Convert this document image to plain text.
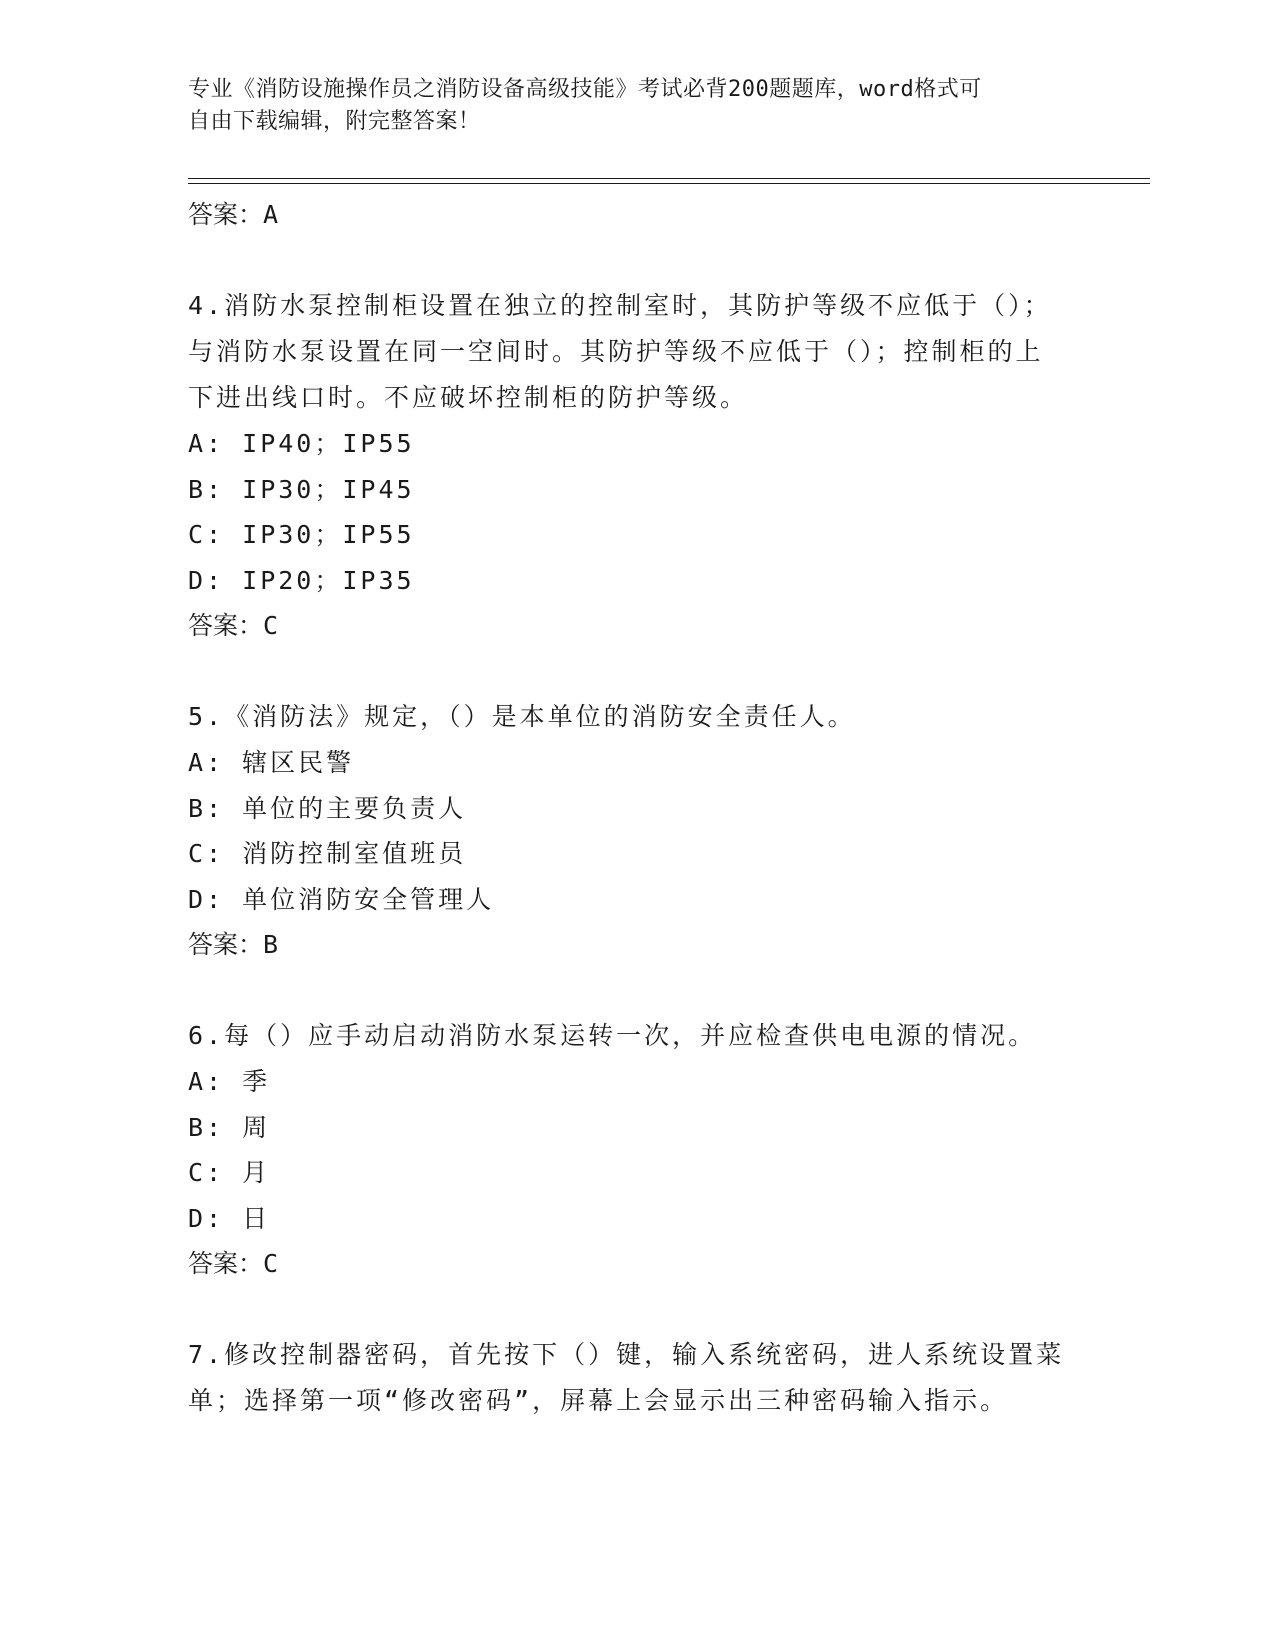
专业《消防设施操作员之消防设备高级技能》考试必背200题题库，word格式可
自由下载编辑，附完整答案！
答案：A
4.消防水泵控制柜设置在独立的控制室时，其防护等级不应低于（）；与消防水泵设置在同一空间时。其防护等级不应低于（）；控制柜的上下进出线口时。不应破坏控制柜的防护等级。
A: IP40；IP55
B: IP30；IP45
C: IP30；IP55
D: IP20；IP35
答案：C
5.《消防法》规定，（）是本单位的消防安全责任人。
A: 辖区民警
B: 单位的主要负责人
C: 消防控制室值班员
D: 单位消防安全管理人
答案：B
6.每（）应手动启动消防水泵运转一次，并应检查供电电源的情况。
A: 季
B: 周
C: 月
D: 日
答案：C
7.修改控制器密码，首先按下（）键，输入系统密码，进人系统设置菜单；选择第一项“修改密码”，屏幕上会显示出三种密码输入指示。
